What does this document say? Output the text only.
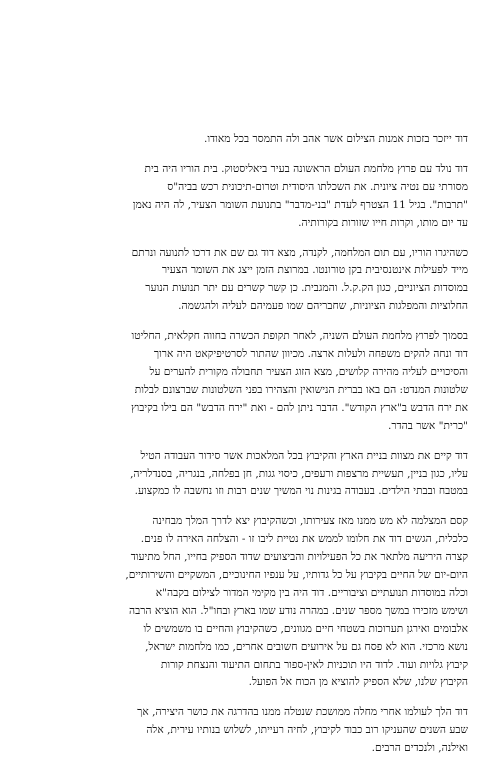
דוד ייזכר בזכות אמנות הצילום אשר אהב ולה התמסר בכל מאודו.
דוד נולד עם פרוץ מלחמת העולם הראשונה בעיר ביאליסטוק. בית הוריו היה בית
מסורתי עם נטיה ציונית. את השכלתו היסודית וטרום-תיכונית רכש בביה"ס
"תרבות". בגיל 11 הצטרף לעדת "בני-מדבר" בתנועת השומר הצעיר, לה היה נאמן
עד יום מותו, וקרות חייו שזורות בקורותיה.
כשהיגרו הוריו, עם תום המלחמה, לקנדה, מצא דוד גם שם את דרכו לתנועה ונרתם
מייד לפעילות אינטנסיבית בקן טורונטו. במרוצת הזמן ייצג את השומר הצעיר
במוסדות הציוניים, כגון הק.ק.ל. והמגבית. כן קשר קשרים עם יתר תנועות הנוער
החלוציות והמפלגות הציוניות, שחבריהם שמו פעמיהם לעליה ולהגשמה.
בסמוך לפרוץ מלחמת העולם השניה, לאחר תקופת הכשרה בחווה חקלאית, החליטו
דוד ונחה להקים משפחה ולעלות ארצה. מכיוון שהתור לסרטיפיקאט היה ארוך
והסיכויים לעליה מהירה קלושים, מצא הזוג הצעיר תחבולה מקורית להערים על
שלטונות המנדט: הם באו בברית הנישואין והצהירו בפני השלטונות שברצונם לבלות
את ירח הדבש ב"ארץ הקודש". הדבר ניתן להם - ואת "ירח הדבש" הם בילו בקיבוץ
"כרית" אשר בהדר.
דוד קיים את מצוות בניית הארץ והקיבוץ בכל המלאכות אשר סידור העבודה הטיל
עליו, כגון בניין, תעשיית מרצפות ורעפים, כיסוי גגות, חן בפלחה, בנגריה, בסנדלריה,
במטבח ובבתי הילדים. בעבודה בגינות נוי המשיך שנים רבות וזו נחשבה לו כמקצוע.
קסם המצלמה לא מש ממנו מאז צעירותו, וכשהקיבוץ יצא לדרך המלך מבחינה
כלכלית, הגשים דוד את חלומו לממש את נטיית ליבו זו - והצלחה האירה לו פנים.
קצרה היריעה מלתאר את כל הפעילויות והביצועים שדוד הספיק בחייו, החל מתיעוד
היום-יום של החיים בקיבוץ על כל גדותיו, על ענפיו החינוכיים, המשקיים והשירותיים,
וכלה במוסדות תנועתיים וציבוריים. דוד היה בין מקימי המדור לצילום בקבה"א
ושימש מזכירו במשך מספר שנים. במהרה נודע שמו בארץ ובחו"ל. הוא הוציא הרבה
אלבומים ואירגן תערוכות בשטחי חיים מגוונים, כשהקיבוץ והחיים בו משמשים לו
נושא מרכזי. הוא לא פסח גם על אירועים חשובים אחרים, כמו מלחמות ישראל,
קיבוץ גלויות ועוד. לדוד היו תוכניות לאין-ספור בתחום התיעוד והנצחת קורות
הקיבוץ שלנו, שלא הספיק להוציא מן הכוח אל הפועל.
דוד הלך לעולמו אחרי מחלה ממושכת שנטלה ממנו בהדרגה את כושר היצירה, אך
שבע השנים שהעניקו רוב כבוד לקיבוץ, לחיה רעייתו, לשלוש בנותיו עירית, אלה
ואילנה, ולנכדים הרבים.
